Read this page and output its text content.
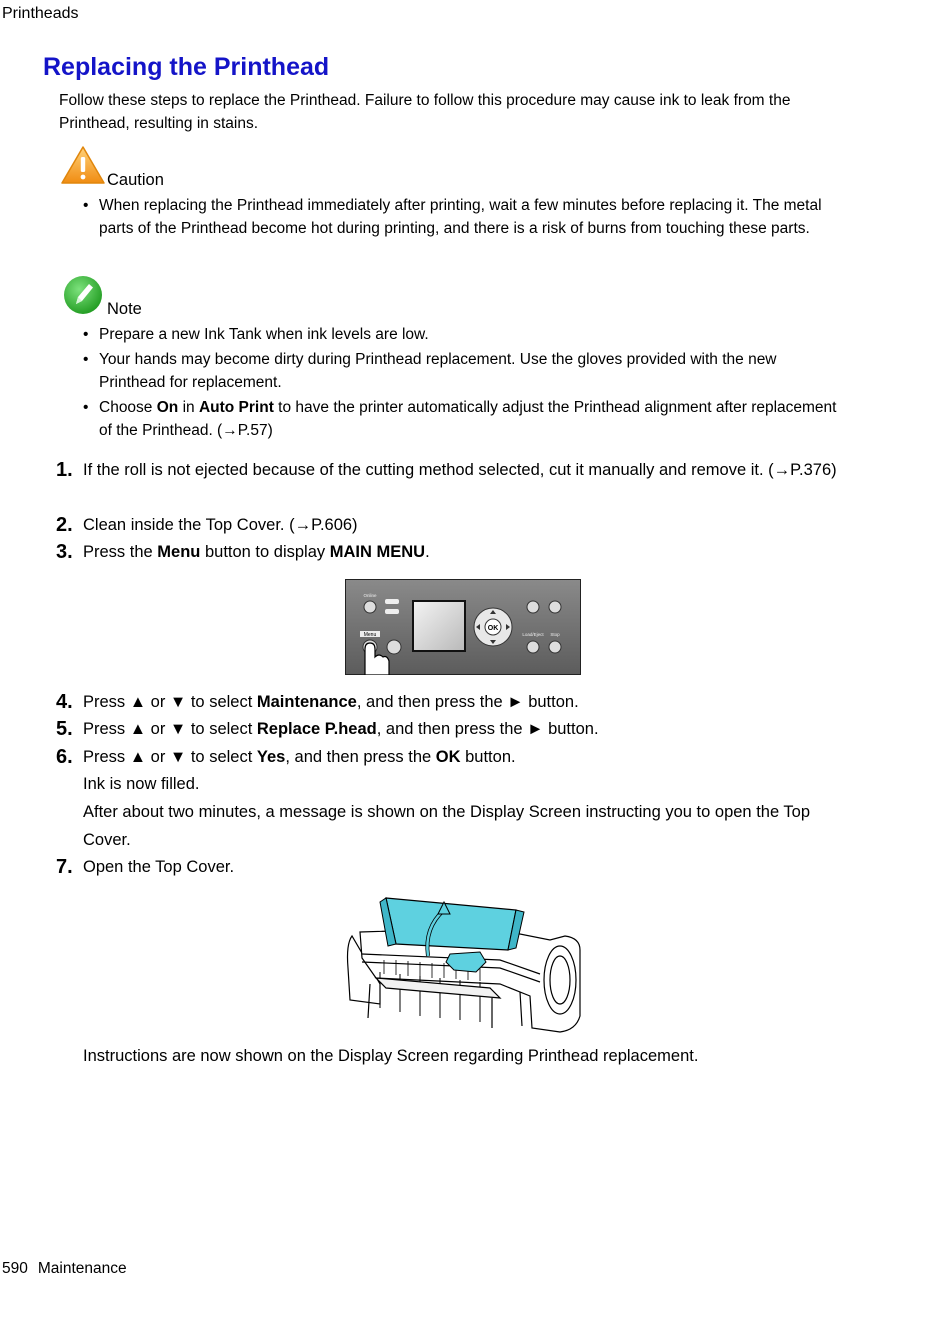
Printheads
Replacing the Printhead
Follow these steps to replace the Printhead. Failure to follow this procedure may cause ink to leak from the Printhead, resulting in stains.
Caution
• When replacing the Printhead immediately after printing, wait a few minutes before replacing it. The metal parts of the Printhead become hot during printing, and there is a risk of burns from touching these parts.
Note
• Prepare a new Ink Tank when ink levels are low.
• Your hands may become dirty during Printhead replacement. Use the gloves provided with the new Printhead for replacement.
• Choose On in Auto Print to have the printer automatically adjust the Printhead alignment after replacement of the Printhead. (→P.57)
1. If the roll is not ejected because of the cutting method selected, cut it manually and remove it. (→P.376)
2. Clean inside the Top Cover. (→P.606)
3. Press the Menu button to display MAIN MENU.
Menu
OK
Load/Eject Stop
Online
4. Press ▲ or ▼ to select Maintenance, and then press the ► button.
5. Press ▲ or ▼ to select Replace P.head, and then press the ► button.
6. Press ▲ or ▼ to select Yes, and then press the OK button.
Ink is now filled.
After about two minutes, a message is shown on the Display Screen instructing you to open the Top Cover.
7. Open the Top Cover.
Instructions are now shown on the Display Screen regarding Printhead replacement.
590 Maintenance
